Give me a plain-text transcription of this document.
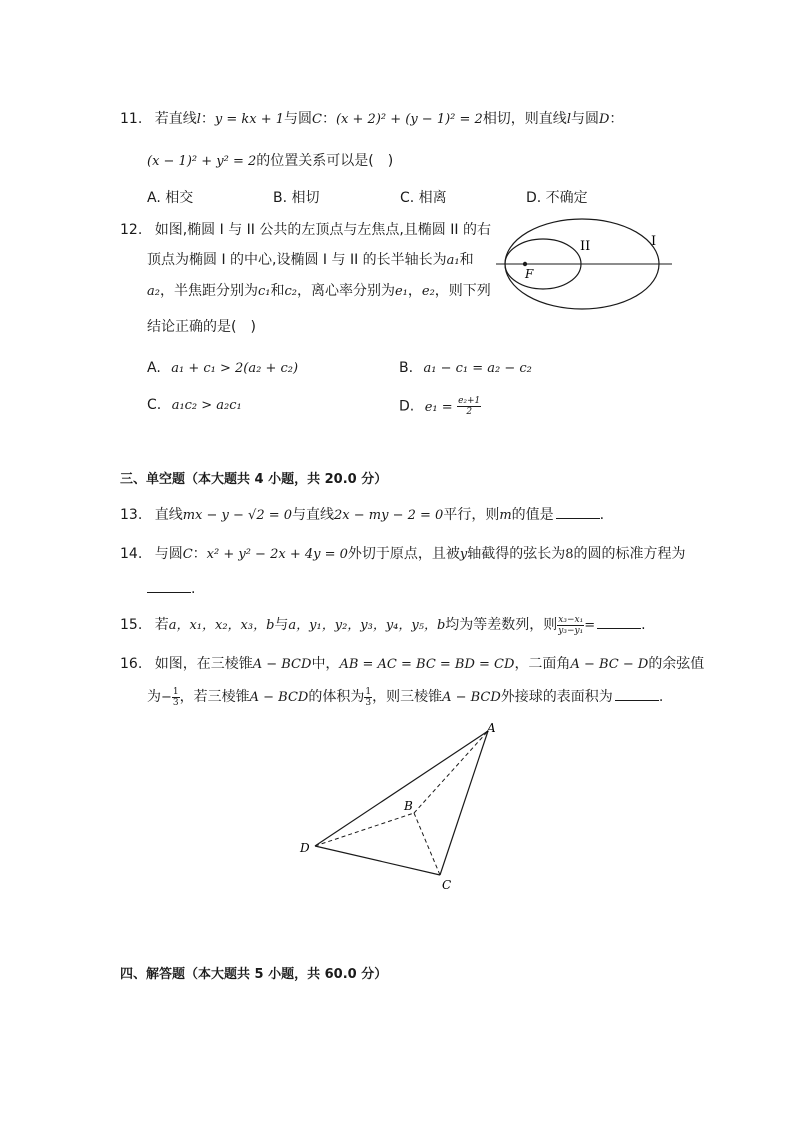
11. 若直线l：y = kx + 1与圆C：(x + 2)² + (y − 1)² = 2相切，则直线l与圆D：
(x − 1)² + y² = 2的位置关系可以是(　)
A. 相交	B. 相切	C. 相离	D. 不确定
12. 如图,椭圆 I 与 II 公共的左顶点与左焦点,且椭圆 II 的右
顶点为椭圆 I 的中心,设椭圆 I 与 II 的长半轴长为a₁和
a₂，半焦距分别为c₁和c₂，离心率分别为e₁，e₂，则下列
结论正确的是(　)
I
II
F
A. a₁ + c₁ > 2(a₂ + c₂)	B. a₁ − c₁ = a₂ − c₂
C. a₁c₂ > a₂c₁	D. $e_1 = \frac{\text{e₂+1}}{2}$
三、单空题（本大题共 4 小题，共 20.0 分）
13. 直线mx − y − √2 = 0与直线2x − my − 2 = 0平行，则m的值是	.
14. 与圆C：x² + y² − 2x + 4y = 0外切于原点，且被y轴截得的弦长为8的圆的标准方程为
.
15. 若a，x₁，x₂，x₃，b与a，y₁，y₂，y₃，y₄，y₅，b均为等差数列，则 $\frac{\text{x₃−x₁}}{\text{y₃−y₁}}$ =	.
16. 如图，在三棱锥A − BCD中，AB = AC = BC = BD = CD，二面角A − BC − D的余弦值
为− $\frac{1}{3}$ ，若三棱锥A − BCD的体积为 $\frac{1}{3}$ ，则三棱锥A − BCD外接球的表面积为	.
A
B
C
D
四、解答题（本大题共 5 小题，共 60.0 分）
